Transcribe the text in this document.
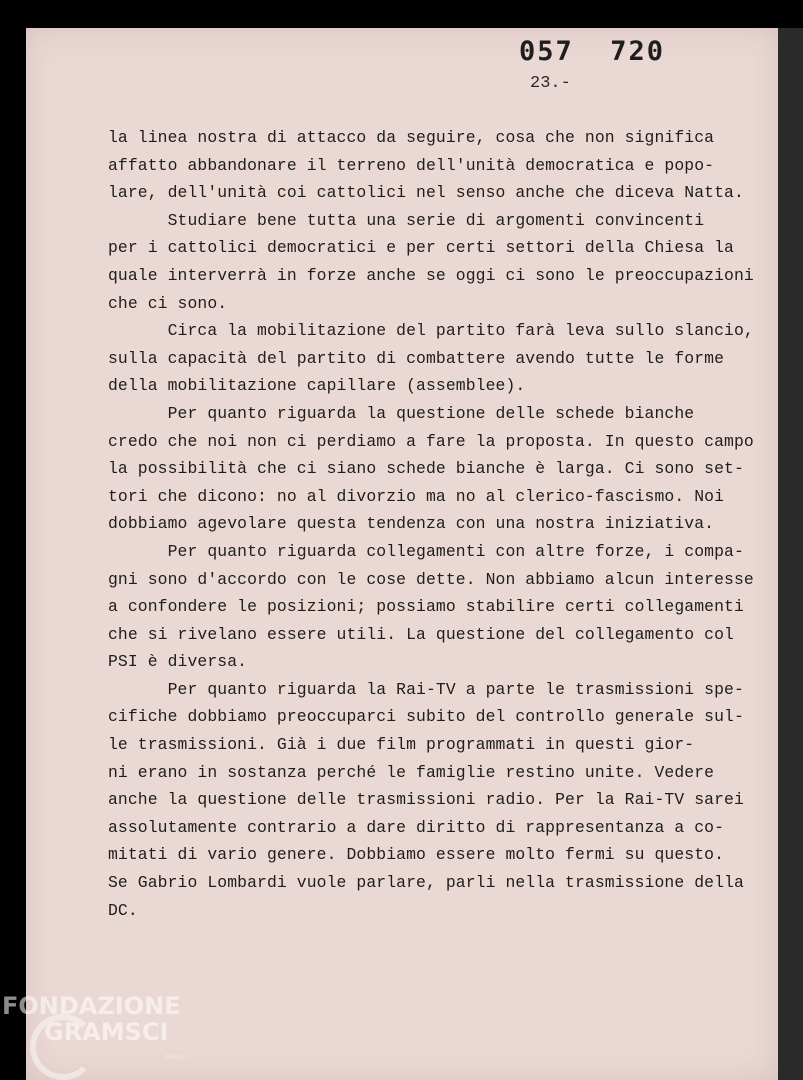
057  720
23.-
la linea nostra di attacco da seguire, cosa che non significa
affatto abbandonare il terreno dell'unità democratica e popo-
lare, dell'unità coi cattolici nel senso anche che diceva Natta.
Studiare bene tutta una serie di argomenti convincenti
per i cattolici democratici e per certi settori della Chiesa la
quale interverrà in forze anche se oggi ci sono le preoccupazioni
che ci sono.
Circa la mobilitazione del partito farà leva sullo slancio,
sulla capacità del partito di combattere avendo tutte le forme
della mobilitazione capillare (assemblee).
Per quanto riguarda la questione delle schede bianche
credo che noi non ci perdiamo a fare la proposta. In questo campo
la possibilità che ci siano schede bianche è larga. Ci sono set-
tori che dicono: no al divorzio ma no al clerico-fascismo. Noi
dobbiamo agevolare questa tendenza con una nostra iniziativa.
Per quanto riguarda collegamenti con altre forze, i compa-
gni sono d'accordo con le cose dette. Non abbiamo alcun interesse
a confondere le posizioni; possiamo stabilire certi collegamenti
che si rivelano essere utili. La questione del collegamento col
PSI è diversa.
Per quanto riguarda la Rai-TV a parte le trasmissioni spe-
cifiche dobbiamo preoccuparci subito del controllo generale sul-
le trasmissioni. Già i due film programmati in questi gior-
ni erano in sostanza perché le famiglie restino unite. Vedere
anche la questione delle trasmissioni radio. Per la Rai-TV sarei
assolutamente contrario a dare diritto di rappresentanza a co-
mitati di vario genere. Dobbiamo essere molto fermi su questo.
Se Gabrio Lombardi vuole parlare, parli nella trasmissione della
DC.
FONDAZIONE
GRAMSCI
onlus
